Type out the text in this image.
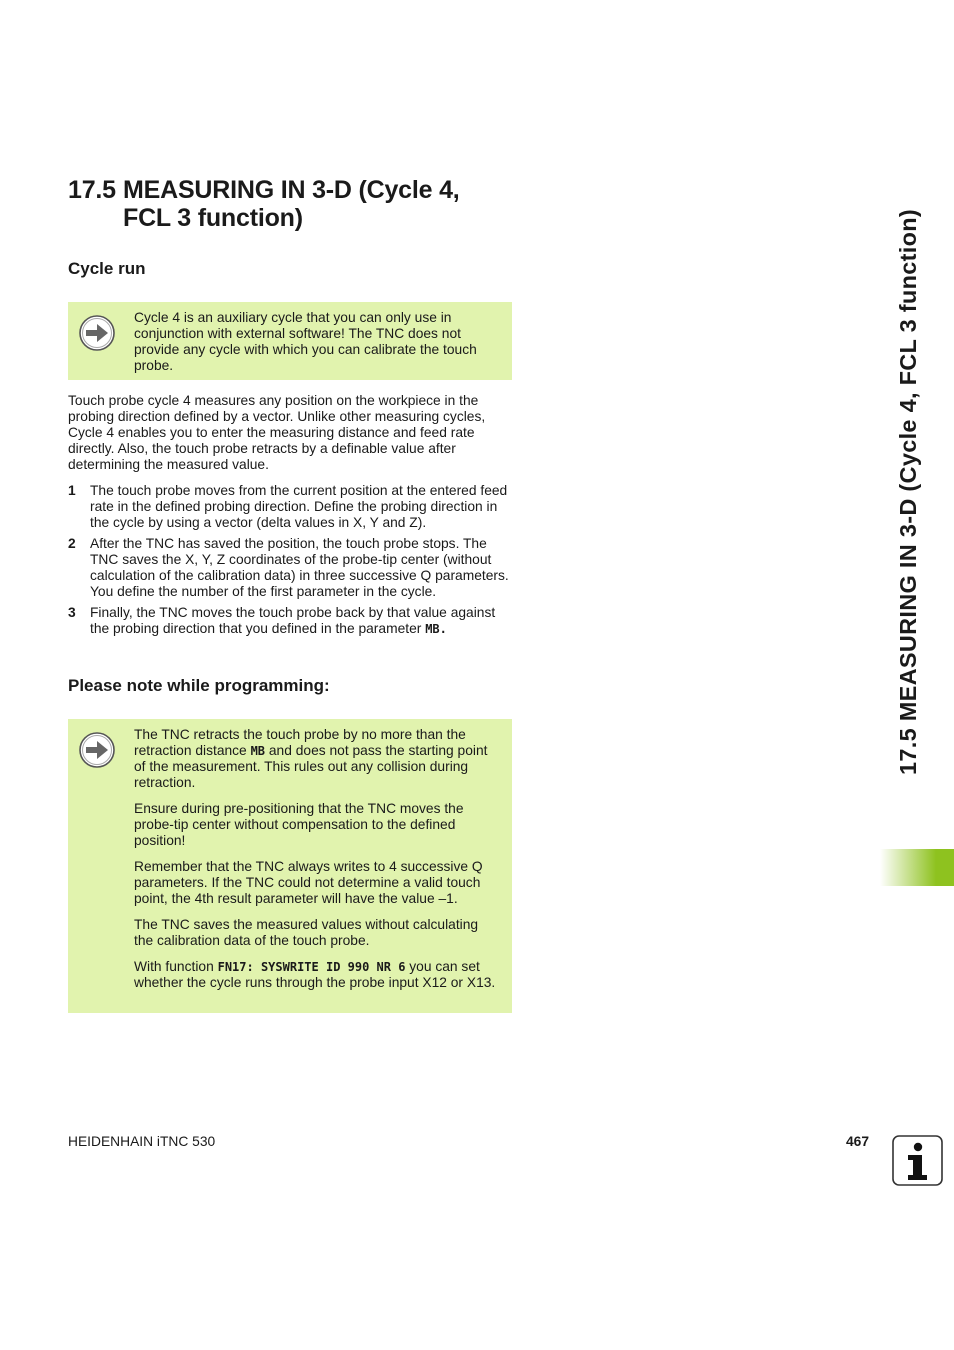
17.5 MEASURING IN 3-D (Cycle 4, FCL 3 function)
Cycle run

Cycle 4 is an auxiliary cycle that you can only use in conjunction with external software! The TNC does not provide any cycle with which you can calibrate the touch probe.

Touch probe cycle 4 measures any position on the workpiece in the probing direction defined by a vector. Unlike other measuring cycles, Cycle 4 enables you to enter the measuring distance and feed rate directly. Also, the touch probe retracts by a definable value after determining the measured value.

1	The touch probe moves from the current position at the entered feed rate in the defined probing direction. Define the probing direction in the cycle by using a vector (delta values in X, Y and Z).
2	After the TNC has saved the position, the touch probe stops. The TNC saves the X, Y, Z coordinates of the probe-tip center (without calculation of the calibration data) in three successive Q parameters. You define the number of the first parameter in the cycle.
3	Finally, the TNC moves the touch probe back by that value against the probing direction that you defined in the parameter MB.
Please note while programming:

The TNC retracts the touch probe by no more than the retraction distance MB and does not pass the starting point of the measurement. This rules out any collision during retraction.

Ensure during pre-positioning that the TNC moves the probe-tip center without compensation to the defined position!

Remember that the TNC always writes to 4 successive Q parameters. If the TNC could not determine a valid touch point, the 4th result parameter will have the value –1.

The TNC saves the measured values without calculating the calibration data of the touch probe.

With function FN17: SYSWRITE ID 990 NR 6 you can set whether the cycle runs through the probe input X12 or X13.

17.5 MEASURING IN 3-D (Cycle 4, FCL 3 function)
HEIDENHAIN iTNC 530	467
